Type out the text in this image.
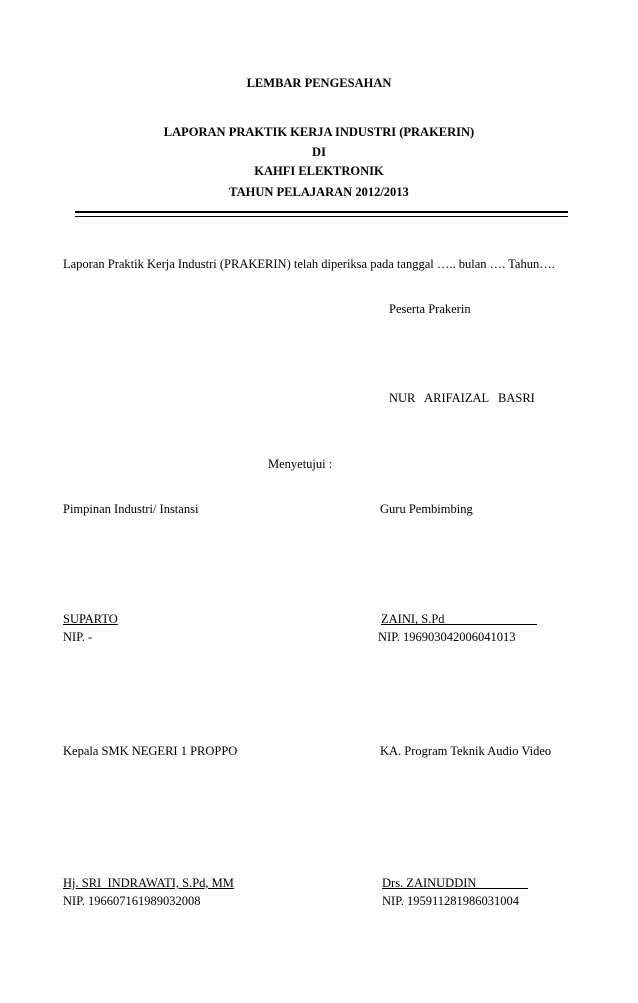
LEMBAR PENGESAHAN
LAPORAN PRAKTIK KERJA INDUSTRI (PRAKERIN)
DI
KAHFI ELEKTRONIK
TAHUN PELAJARAN 2012/2013
Laporan Praktik Kerja Industri (PRAKERIN) telah diperiksa pada tanggal ….. bulan …. Tahun….
Peserta Prakerin
NUR   ARIFAIZAL   BASRI
Menyetujui :
Pimpinan Industri/ Instansi	Guru Pembimbing
SUPARTO	ZAINI, S.Pd
NIP. -	NIP. 196903042006041013
Kepala SMK NEGERI 1 PROPPO	KA. Program Teknik Audio Video
Hj. SRI  INDRAWATI, S.Pd, MM	Drs. ZAINUDDIN
NIP. 196607161989032008	NIP. 195911281986031004
